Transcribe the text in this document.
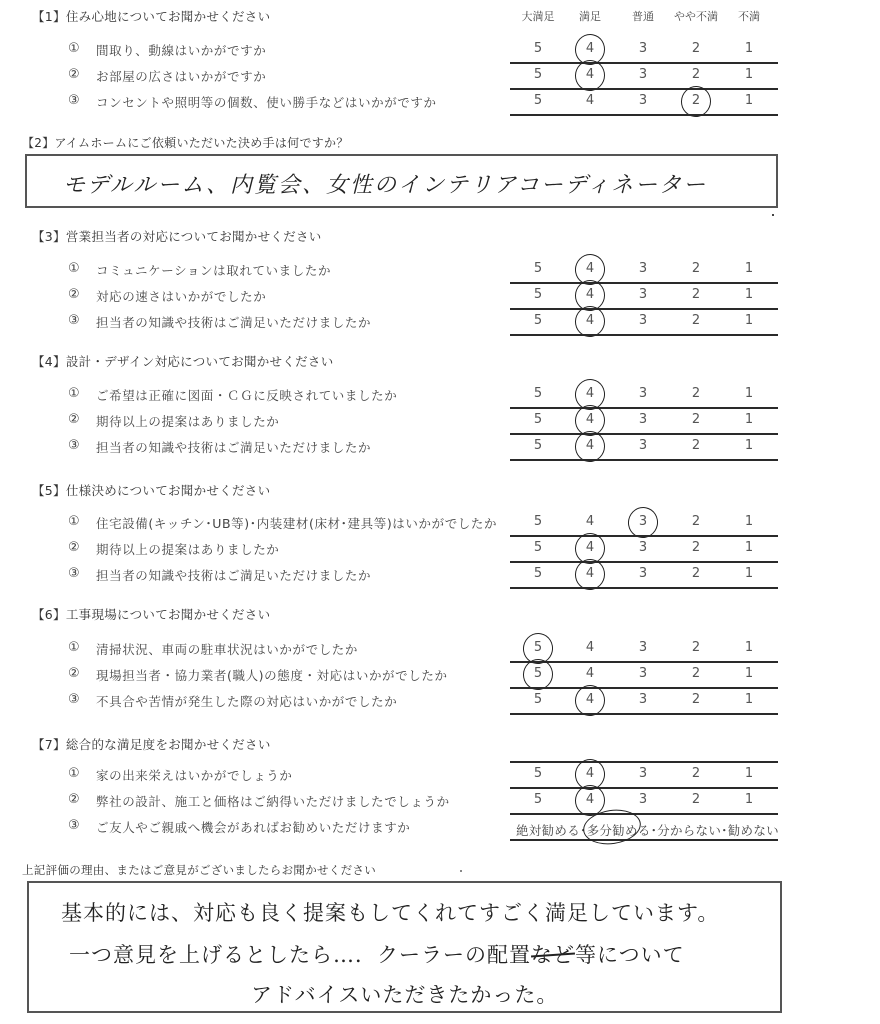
大満足	満足	普通	やや不満	不満
【1】住み心地についてお聞かせください
① 間取り、動線はいかがですか	5	4	3	2	1
② お部屋の広さはいかがですか	5	4	3	2	1
③ コンセントや照明等の個数、使い勝手などはいかがですか	5	4	3	2	1
【2】アイムホームにご依頼いただいた決め手は何ですか？
モデルルーム、内覧会、女性のインテリアコーディネーター
【3】営業担当者の対応についてお聞かせください
① コミュニケーションは取れていましたか	5	4	3	2	1
② 対応の速さはいかがでしたか	5	4	3	2	1
③ 担当者の知識や技術はご満足いただけましたか	5	4	3	2	1
【4】設計・デザイン対応についてお聞かせください
① ご希望は正確に図面・ＣＧに反映されていましたか	5	4	3	2	1
② 期待以上の提案はありましたか	5	4	3	2	1
③ 担当者の知識や技術はご満足いただけましたか	5	4	3	2	1
【5】仕様決めについてお聞かせください
① 住宅設備(キッチン･UB等)･内装建材(床材･建具等)はいかがでしたか	5	4	3	2	1
② 期待以上の提案はありましたか	5	4	3	2	1
③ 担当者の知識や技術はご満足いただけましたか	5	4	3	2	1
【6】工事現場についてお聞かせください
① 清掃状況、車両の駐車状況はいかがでしたか	5	4	3	2	1
② 現場担当者・協力業者(職人)の態度・対応はいかがでしたか	5	4	3	2	1
③ 不具合や苦情が発生した際の対応はいかがでしたか	5	4	3	2	1
【7】総合的な満足度をお聞かせください
① 家の出来栄えはいかがでしょうか	5	4	3	2	1
② 弊社の設計、施工と価格はご納得いただけましたでしょうか	5	4	3	2	1
③ ご友人やご親戚へ機会があればお勧めいただけますか	絶対勧める･多分勧める･分からない･勧めない
上記評価の理由、またはご意見がございましたらお聞かせください
基本的には、対応も良く提案もしてくれてすごく満足しています。
一つ意見を上げるとしたら…．クーラーの配置など等について
アドバイスいただきたかった。
